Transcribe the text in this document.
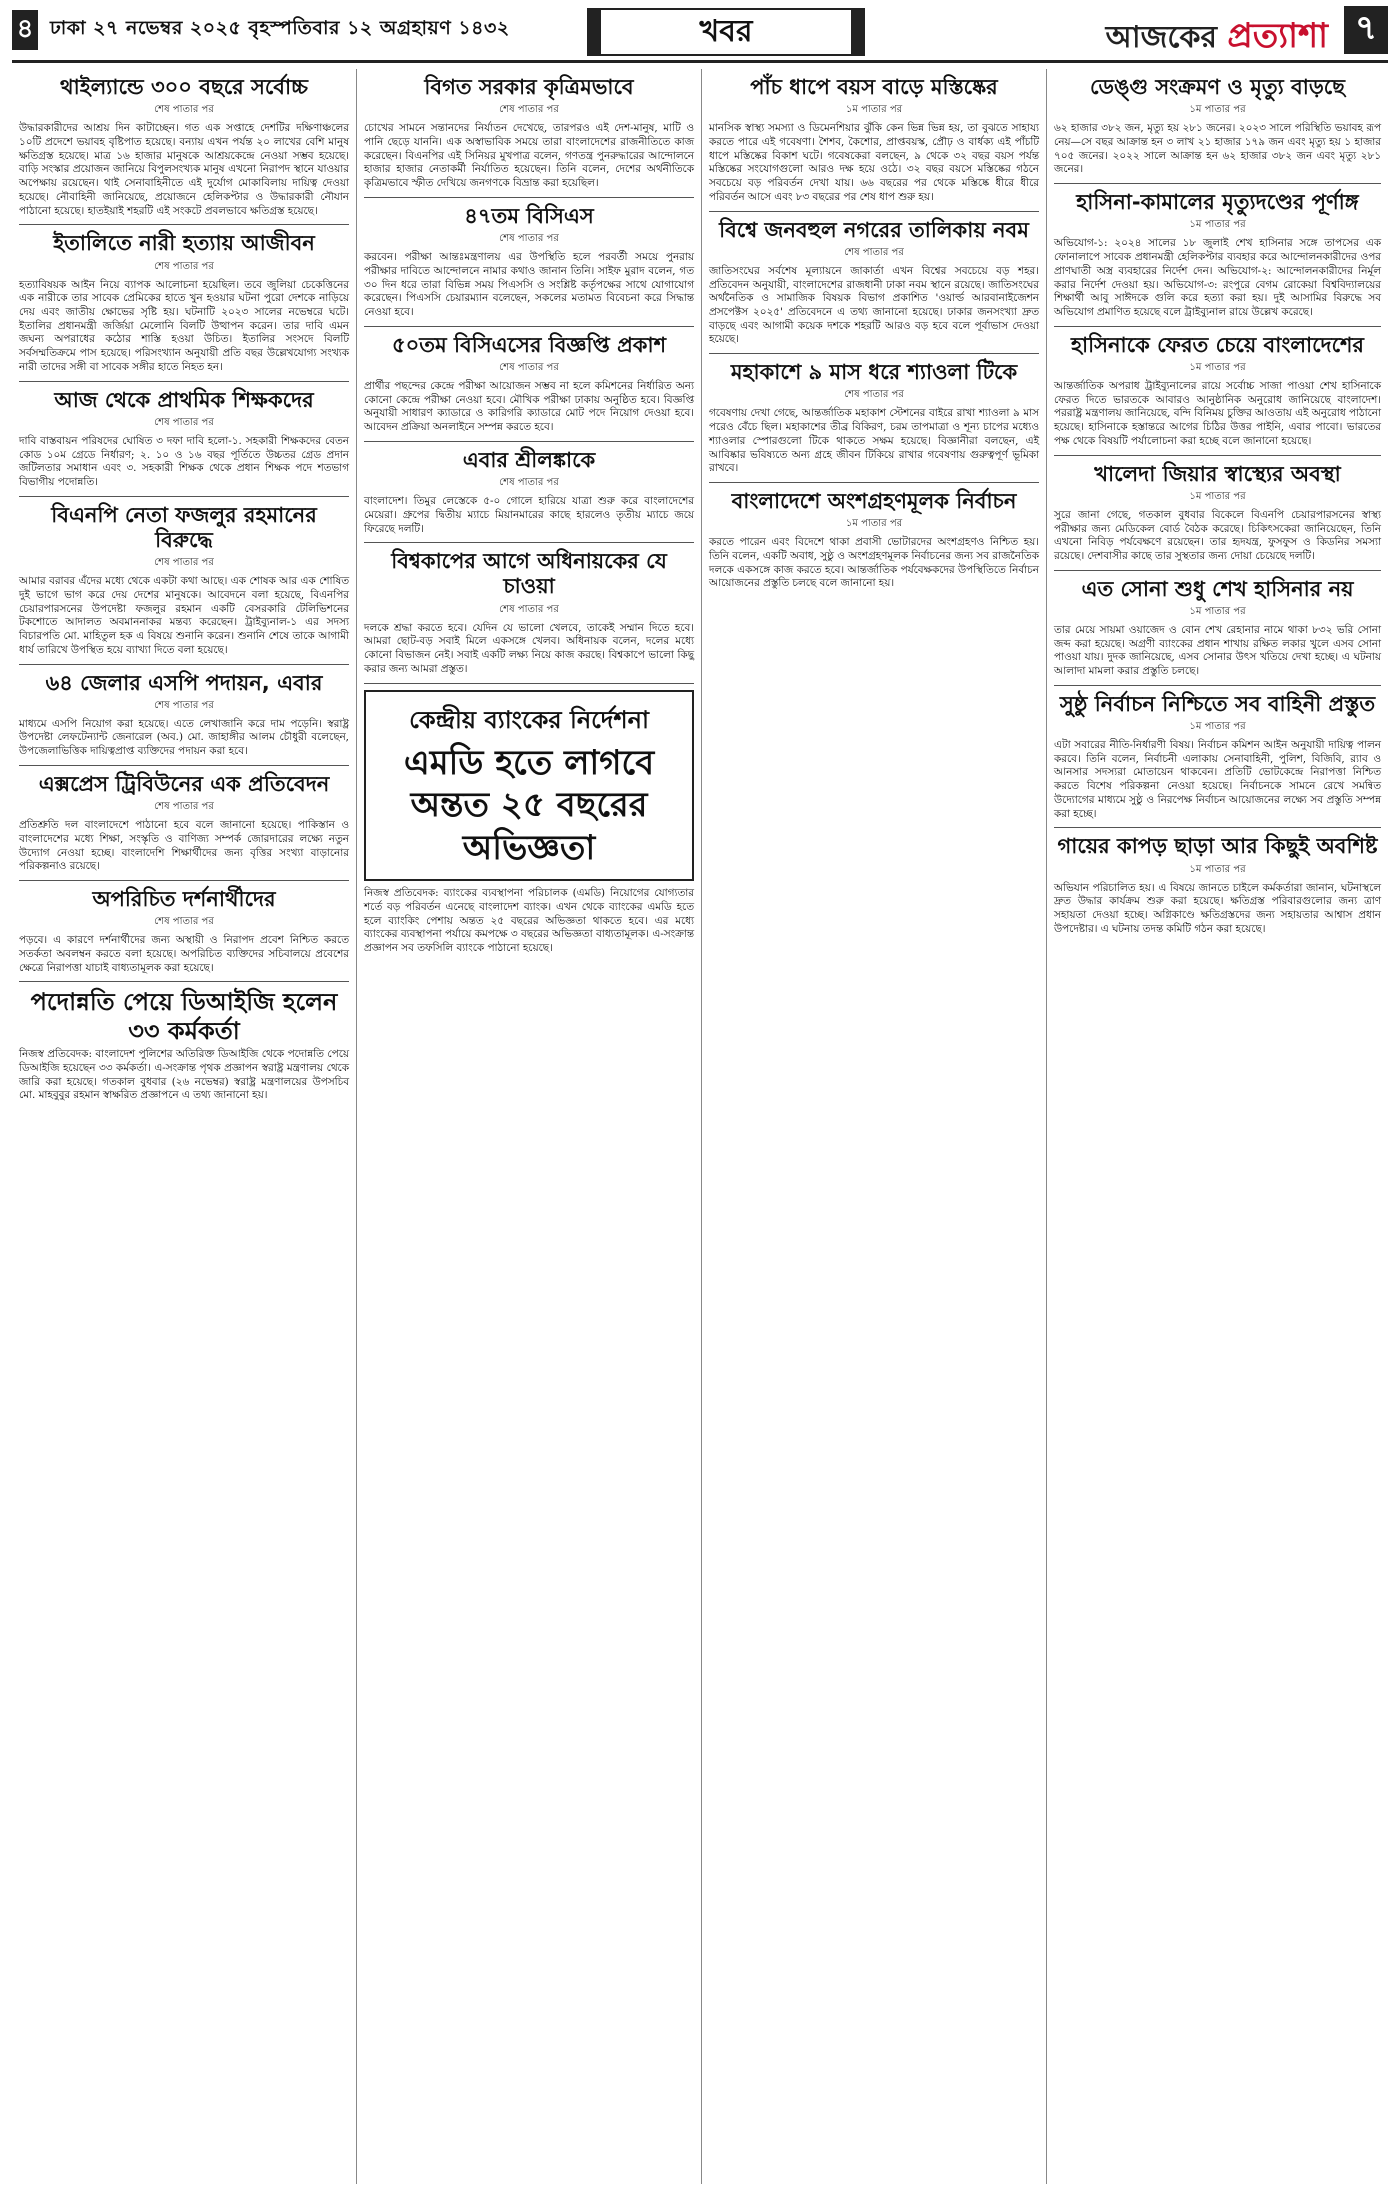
৪ ঢাকা ২৭ নভেম্বর ২০২৫ বৃহস্পতিবার ১২ অগ্রহায়ণ ১৪৩২	খবর	আজকের প্রত্যাশা ৭
থাইল্যান্ডে ৩০০ বছরে সর্বোচ্চ
শেষ পাতার পর

উদ্ধারকারীদের আশ্রয় দিন কাটাচ্ছেন। গত এক সপ্তাহে দেশটির দক্ষিণাঞ্চলের ১০টি প্রদেশে ভয়াবহ বৃষ্টিপাত হয়েছে। বন্যায় এখন পর্যন্ত ২০ লাখের বেশি মানুষ ক্ষতিগ্রস্ত হয়েছে। মাত্র ১৬ হাজার মানুষকে আশ্রয়কেন্দ্রে নেওয়া সম্ভব হয়েছে। বাড়ি সংস্কার প্রয়োজন জানিয়ে বিপুলসংখ্যক মানুষ এখনো নিরাপদ স্থানে যাওয়ার অপেক্ষায় রয়েছেন। থাই সেনাবাহিনীতে এই দুর্যোগ মোকাবিলায় দায়িত্ব দেওয়া হয়েছে। নৌবাহিনী জানিয়েছে, প্রয়োজনে হেলিকপ্টার ও উদ্ধারকারী নৌযান পাঠানো হয়েছে। হাতইয়াই শহরটি এই সংকটে প্রবলভাবে ক্ষতিগ্রস্ত হয়েছে।

ইতালিতে নারী হত্যায় আজীবন
শেষ পাতার পর

হত্যাবিষয়ক আইন নিয়ে ব্যাপক আলোচনা হয়েছিল। তবে জুলিয়া চেকেত্তিনের এক নারীকে তার সাবেক প্রেমিকের হাতে খুন হওয়ার ঘটনা পুরো দেশকে নাড়িয়ে দেয় এবং জাতীয় ক্ষোভের সৃষ্টি হয়। ঘটনাটি ২০২৩ সালের নভেম্বরে ঘটে। ইতালির প্রধানমন্ত্রী জর্জিয়া মেলোনি বিলটি উত্থাপন করেন। তার দাবি এমন জঘন্য অপরাধের কঠোর শাস্তি হওয়া উচিত। ইতালির সংসদে বিলটি সর্বসম্মতিক্রমে পাস হয়েছে। পরিসংখ্যান অনুযায়ী প্রতি বছর উল্লেখযোগ্য সংখ্যক নারী তাদের সঙ্গী বা সাবেক সঙ্গীর হাতে নিহত হন।

আজ থেকে প্রাথমিক শিক্ষকদের
শেষ পাতার পর

দাবি বাস্তবায়ন পরিষদের ঘোষিত ৩ দফা দাবি হলো-১. সহকারী শিক্ষকদের বেতন কোড ১০ম গ্রেডে নির্ধারণ; ২. ১০ ও ১৬ বছর পূর্তিতে উচ্চতর গ্রেড প্রদান জটিলতার সমাধান এবং ৩. সহকারী শিক্ষক থেকে প্রধান শিক্ষক পদে শতভাগ বিভাগীয় পদোন্নতি।

বিএনপি নেতা ফজলুর রহমানের বিরুদ্ধে
শেষ পাতার পর

আমার বরাবর এঁদের মধ্যে থেকে একটা কথা আছে। এক শোষক আর এক শোষিত দুই ভাগে ভাগ করে দেয় দেশের মানুষকে। আবেদনে বলা হয়েছে, বিএনপির চেয়ারপারসনের উপদেষ্টা ফজলুর রহমান একটি বেসরকারি টেলিভিশনের টকশোতে আদালত অবমাননাকর মন্তব্য করেছেন। ট্রাইব্যুনাল-১ এর সদস্য বিচারপতি মো. মাহিতুল হক এ বিষয়ে শুনানি করেন। শুনানি শেষে তাকে আগামী ধার্য তারিখে উপস্থিত হয়ে ব্যাখ্যা দিতে বলা হয়েছে।

৬৪ জেলার এসপি পদায়ন, এবার
শেষ পাতার পর

মাধ্যমে এসপি নিয়োগ করা হয়েছে। এতে লেখাজানি করে দাম পড়েনি। স্বরাষ্ট্র উপদেষ্টা লেফটেন্যান্ট জেনারেল (অব.) মো. জাহাঙ্গীর আলম চৌধুরী বলেছেন, উপজেলাভিত্তিক দায়িত্বপ্রাপ্ত ব্যক্তিদের পদায়ন করা হবে।

এক্সপ্রেস ট্রিবিউনের এক প্রতিবেদন
শেষ পাতার পর

প্রতিশ্রুতি দল বাংলাদেশে পাঠানো হবে বলে জানানো হয়েছে। পাকিস্তান ও বাংলাদেশের মধ্যে শিক্ষা, সংস্কৃতি ও বাণিজ্য সম্পর্ক জোরদারের লক্ষ্যে নতুন উদ্যোগ নেওয়া হচ্ছে। বাংলাদেশি শিক্ষার্থীদের জন্য বৃত্তির সংখ্যা বাড়ানোর পরিকল্পনাও রয়েছে।

অপরিচিত দর্শনার্থীদের
শেষ পাতার পর

পড়বে। এ কারণে দর্শনার্থীদের জন্য অস্থায়ী ও নিরাপদ প্রবেশ নিশ্চিত করতে সতর্কতা অবলম্বন করতে বলা হয়েছে। অপরিচিত ব্যক্তিদের সচিবালয়ে প্রবেশের ক্ষেত্রে নিরাপত্তা যাচাই বাধ্যতামূলক করা হয়েছে।

পদোন্নতি পেয়ে ডিআইজি হলেন ৩৩ কর্মকর্তা

নিজস্ব প্রতিবেদক: বাংলাদেশ পুলিশের অতিরিক্ত ডিআইজি থেকে পদোন্নতি পেয়ে ডিআইজি হয়েছেন ৩৩ কর্মকর্তা। এ-সংক্রান্ত পৃথক প্রজ্ঞাপন স্বরাষ্ট্র মন্ত্রণালয় থেকে জারি করা হয়েছে। গতকাল বুধবার (২৬ নভেম্বর) স্বরাষ্ট্র মন্ত্রণালয়ের উপসচিব মো. মাহবুবুর রহমান স্বাক্ষরিত প্রজ্ঞাপনে এ তথ্য জানানো হয়।

বিগত সরকার কৃত্রিমভাবে
শেষ পাতার পর

চোখের সামনে সন্তানদের নির্যাতন দেখেছে, তারপরও এই দেশ-মানুষ, মাটি ও পানি ছেড়ে যাননি। এক অস্বাভাবিক সময়ে তারা বাংলাদেশের রাজনীতিতে কাজ করেছেন। বিএনপির এই সিনিয়র মুখপাত্র বলেন, গণতন্ত্র পুনরুদ্ধারের আন্দোলনে হাজার হাজার নেতাকর্মী নির্যাতিত হয়েছেন। তিনি বলেন, দেশের অর্থনীতিকে কৃত্রিমভাবে স্ফীত দেখিয়ে জনগণকে বিভ্রান্ত করা হয়েছিল।

৪৭তম বিসিএস
শেষ পাতার পর

করবেন। পরীক্ষা আন্তঃমন্ত্রণালয় এর উপস্থিতি হলে পরবর্তী সময়ে পুনরায় পরীক্ষার দাবিতে আন্দোলনে নামার কথাও জানান তিনি। সাইফ মুরাদ বলেন, গত ৩০ দিন ধরে তারা বিভিন্ন সময় পিএসসি ও সংশ্লিষ্ট কর্তৃপক্ষের সাথে যোগাযোগ করেছেন। পিএসসি চেয়ারম্যান বলেছেন, সকলের মতামত বিবেচনা করে সিদ্ধান্ত নেওয়া হবে।

৫০তম বিসিএসের বিজ্ঞপ্তি প্রকাশ
শেষ পাতার পর

প্রার্থীর পছন্দের কেন্দ্রে পরীক্ষা আয়োজন সম্ভব না হলে কমিশনের নির্ধারিত অন্য কোনো কেন্দ্রে পরীক্ষা নেওয়া হবে। মৌখিক পরীক্ষা ঢাকায় অনুষ্ঠিত হবে। বিজ্ঞপ্তি অনুযায়ী সাধারণ ক্যাডারে ও কারিগরি ক্যাডারে মোট পদে নিয়োগ দেওয়া হবে। আবেদন প্রক্রিয়া অনলাইনে সম্পন্ন করতে হবে।

এবার শ্রীলঙ্কাকে
শেষ পাতার পর

বাংলাদেশ। তিমুর লেস্তেকে ৫-০ গোলে হারিয়ে যাত্রা শুরু করে বাংলাদেশের মেয়েরা। গ্রুপের দ্বিতীয় ম্যাচে মিয়ানমারের কাছে হারলেও তৃতীয় ম্যাচে জয়ে ফিরেছে দলটি।

বিশ্বকাপের আগে অধিনায়কের যে চাওয়া
শেষ পাতার পর

দলকে শ্রদ্ধা করতে হবে। যেদিন যে ভালো খেলবে, তাকেই সম্মান দিতে হবে। আমরা ছোট-বড় সবাই মিলে একসঙ্গে খেলব। অধিনায়ক বলেন, দলের মধ্যে কোনো বিভাজন নেই। সবাই একটি লক্ষ্য নিয়ে কাজ করছে। বিশ্বকাপে ভালো কিছু করার জন্য আমরা প্রস্তুত।

কেন্দ্রীয় ব্যাংকের নির্দেশনা
এমডি হতে লাগবে অন্তত ২৫ বছরের অভিজ্ঞতা

নিজস্ব প্রতিবেদক: ব্যাংকের ব্যবস্থাপনা পরিচালক (এমডি) নিয়োগের যোগ্যতার শর্তে বড় পরিবর্তন এনেছে বাংলাদেশ ব্যাংক। এখন থেকে ব্যাংকের এমডি হতে হলে ব্যাংকিং পেশায় অন্তত ২৫ বছরের অভিজ্ঞতা থাকতে হবে। এর মধ্যে ব্যাংকের ব্যবস্থাপনা পর্যায়ে কমপক্ষে ৩ বছরের অভিজ্ঞতা বাধ্যতামূলক। এ-সংক্রান্ত প্রজ্ঞাপন সব তফসিলি ব্যাংকে পাঠানো হয়েছে।

পাঁচ ধাপে বয়স বাড়ে মস্তিষ্কের
১ম পাতার পর

মানসিক স্বাস্থ্য সমস্যা ও ডিমেনশিয়ার ঝুঁকি কেন ভিন্ন ভিন্ন হয়, তা বুঝতে সাহায্য করতে পারে এই গবেষণা। শৈশব, কৈশোর, প্রাপ্তবয়স্ক, প্রৌঢ় ও বার্ধক্য এই পাঁচটি ধাপে মস্তিষ্কের বিকাশ ঘটে। গবেষকেরা বলছেন, ৯ থেকে ৩২ বছর বয়স পর্যন্ত মস্তিষ্কের সংযোগগুলো আরও দক্ষ হয়ে ওঠে। ৩২ বছর বয়সে মস্তিষ্কের গঠনে সবচেয়ে বড় পরিবর্তন দেখা যায়। ৬৬ বছরের পর থেকে মস্তিষ্কে ধীরে ধীরে পরিবর্তন আসে এবং ৮৩ বছরের পর শেষ ধাপ শুরু হয়।

বিশ্বে জনবহুল নগরের তালিকায় নবম
শেষ পাতার পর

জাতিসংঘের সর্বশেষ মূল্যায়নে জাকার্তা এখন বিশ্বের সবচেয়ে বড় শহর। প্রতিবেদন অনুযায়ী, বাংলাদেশের রাজধানী ঢাকা নবম স্থানে রয়েছে। জাতিসংঘের অর্থনৈতিক ও সামাজিক বিষয়ক বিভাগ প্রকাশিত 'ওয়ার্ল্ড আরবানাইজেশন প্রসপেক্টস ২০২৫' প্রতিবেদনে এ তথ্য জানানো হয়েছে। ঢাকার জনসংখ্যা দ্রুত বাড়ছে এবং আগামী কয়েক দশকে শহরটি আরও বড় হবে বলে পূর্বাভাস দেওয়া হয়েছে।

মহাকাশে ৯ মাস ধরে শ্যাওলা টিকে
শেষ পাতার পর

গবেষণায় দেখা গেছে, আন্তর্জাতিক মহাকাশ স্টেশনের বাইরে রাখা শ্যাওলা ৯ মাস পরেও বেঁচে ছিল। মহাকাশের তীব্র বিকিরণ, চরম তাপমাত্রা ও শূন্য চাপের মধ্যেও শ্যাওলার স্পোরগুলো টিকে থাকতে সক্ষম হয়েছে। বিজ্ঞানীরা বলছেন, এই আবিষ্কার ভবিষ্যতে অন্য গ্রহে জীবন টিকিয়ে রাখার গবেষণায় গুরুত্বপূর্ণ ভূমিকা রাখবে।

বাংলাদেশে অংশগ্রহণমূলক নির্বাচন
১ম পাতার পর

করতে পারেন এবং বিদেশে থাকা প্রবাসী ভোটারদের অংশগ্রহণও নিশ্চিত হয়। তিনি বলেন, একটি অবাধ, সুষ্ঠু ও অংশগ্রহণমূলক নির্বাচনের জন্য সব রাজনৈতিক দলকে একসঙ্গে কাজ করতে হবে। আন্তর্জাতিক পর্যবেক্ষকদের উপস্থিতিতে নির্বাচন আয়োজনের প্রস্তুতি চলছে বলে জানানো হয়।

ডেঙ্গু সংক্রমণ ও মৃত্যু বাড়ছে
১ম পাতার পর

৬২ হাজার ৩৮২ জন, মৃত্যু হয় ২৮১ জনের। ২০২৩ সালে পরিস্থিতি ভয়াবহ রূপ নেয়—সে বছর আক্রান্ত হন ৩ লাখ ২১ হাজার ১৭৯ জন এবং মৃত্যু হয় ১ হাজার ৭০৫ জনের। ২০২২ সালে আক্রান্ত হন ৬২ হাজার ৩৮২ জন এবং মৃত্যু ২৮১ জনের।

হাসিনা-কামালের মৃত্যুদণ্ডের পূর্ণাঙ্গ
১ম পাতার পর

অভিযোগ-১: ২০২৪ সালের ১৮ জুলাই শেখ হাসিনার সঙ্গে তাপসের এক ফোনালাপে সাবেক প্রধানমন্ত্রী হেলিকপ্টার ব্যবহার করে আন্দোলনকারীদের ওপর প্রাণঘাতী অস্ত্র ব্যবহারের নির্দেশ দেন। অভিযোগ-২: আন্দোলনকারীদের নির্মূল করার নির্দেশ দেওয়া হয়। অভিযোগ-৩: রংপুরে বেগম রোকেয়া বিশ্ববিদ্যালয়ের শিক্ষার্থী আবু সাঈদকে গুলি করে হত্যা করা হয়। দুই আসামির বিরুদ্ধে সব অভিযোগ প্রমাণিত হয়েছে বলে ট্রাইব্যুনাল রায়ে উল্লেখ করেছে।

হাসিনাকে ফেরত চেয়ে বাংলাদেশের
১ম পাতার পর

আন্তর্জাতিক অপরাধ ট্রাইব্যুনালের রায়ে সর্বোচ্চ সাজা পাওয়া শেখ হাসিনাকে ফেরত দিতে ভারতকে আবারও আনুষ্ঠানিক অনুরোধ জানিয়েছে বাংলাদেশ। পররাষ্ট্র মন্ত্রণালয় জানিয়েছে, বন্দি বিনিময় চুক্তির আওতায় এই অনুরোধ পাঠানো হয়েছে। হাসিনাকে হস্তান্তরে আগের চিঠির উত্তর পাইনি, এবার পাবো। ভারতের পক্ষ থেকে বিষয়টি পর্যালোচনা করা হচ্ছে বলে জানানো হয়েছে।

খালেদা জিয়ার স্বাস্থ্যের অবস্থা
১ম পাতার পর

সুরে জানা গেছে, গতকাল বুধবার বিকেলে বিএনপি চেয়ারপারসনের স্বাস্থ্য পরীক্ষার জন্য মেডিকেল বোর্ড বৈঠক করেছে। চিকিৎসকেরা জানিয়েছেন, তিনি এখনো নিবিড় পর্যবেক্ষণে রয়েছেন। তার হৃদযন্ত্র, ফুসফুস ও কিডনির সমস্যা রয়েছে। দেশবাসীর কাছে তার সুস্থতার জন্য দোয়া চেয়েছে দলটি।

এত সোনা শুধু শেখ হাসিনার নয়
১ম পাতার পর

তার মেয়ে সায়মা ওয়াজেদ ও বোন শেখ রেহানার নামে থাকা ৮৩২ ভরি সোনা জব্দ করা হয়েছে। অগ্রণী ব্যাংকের প্রধান শাখায় রক্ষিত লকার খুলে এসব সোনা পাওয়া যায়। দুদক জানিয়েছে, এসব সোনার উৎস খতিয়ে দেখা হচ্ছে। এ ঘটনায় আলাদা মামলা করার প্রস্তুতি চলছে।

সুষ্ঠু নির্বাচন নিশ্চিতে সব বাহিনী প্রস্তুত
১ম পাতার পর

এটা সবারের নীতি-নির্ধারণী বিষয়। নির্বাচন কমিশন আইন অনুযায়ী দায়িত্ব পালন করবে। তিনি বলেন, নির্বাচনী এলাকায় সেনাবাহিনী, পুলিশ, বিজিবি, র‍্যাব ও আনসার সদস্যরা মোতায়েন থাকবেন। প্রতিটি ভোটকেন্দ্রে নিরাপত্তা নিশ্চিত করতে বিশেষ পরিকল্পনা নেওয়া হয়েছে। নির্বাচনকে সামনে রেখে সমন্বিত উদ্যোগের মাধ্যমে সুষ্ঠু ও নিরপেক্ষ নির্বাচন আয়োজনের লক্ষ্যে সব প্রস্তুতি সম্পন্ন করা হচ্ছে।

গায়ের কাপড় ছাড়া আর কিছুই অবশিষ্ট
১ম পাতার পর

অভিযান পরিচালিত হয়। এ বিষয়ে জানতে চাইলে কর্মকর্তারা জানান, ঘটনাস্থলে দ্রুত উদ্ধার কার্যক্রম শুরু করা হয়েছে। ক্ষতিগ্রস্ত পরিবারগুলোর জন্য ত্রাণ সহায়তা দেওয়া হচ্ছে। অগ্নিকাণ্ডে ক্ষতিগ্রস্তদের জন্য সহায়তার আশ্বাস প্রধান উপদেষ্টার। এ ঘটনায় তদন্ত কমিটি গঠন করা হয়েছে।
